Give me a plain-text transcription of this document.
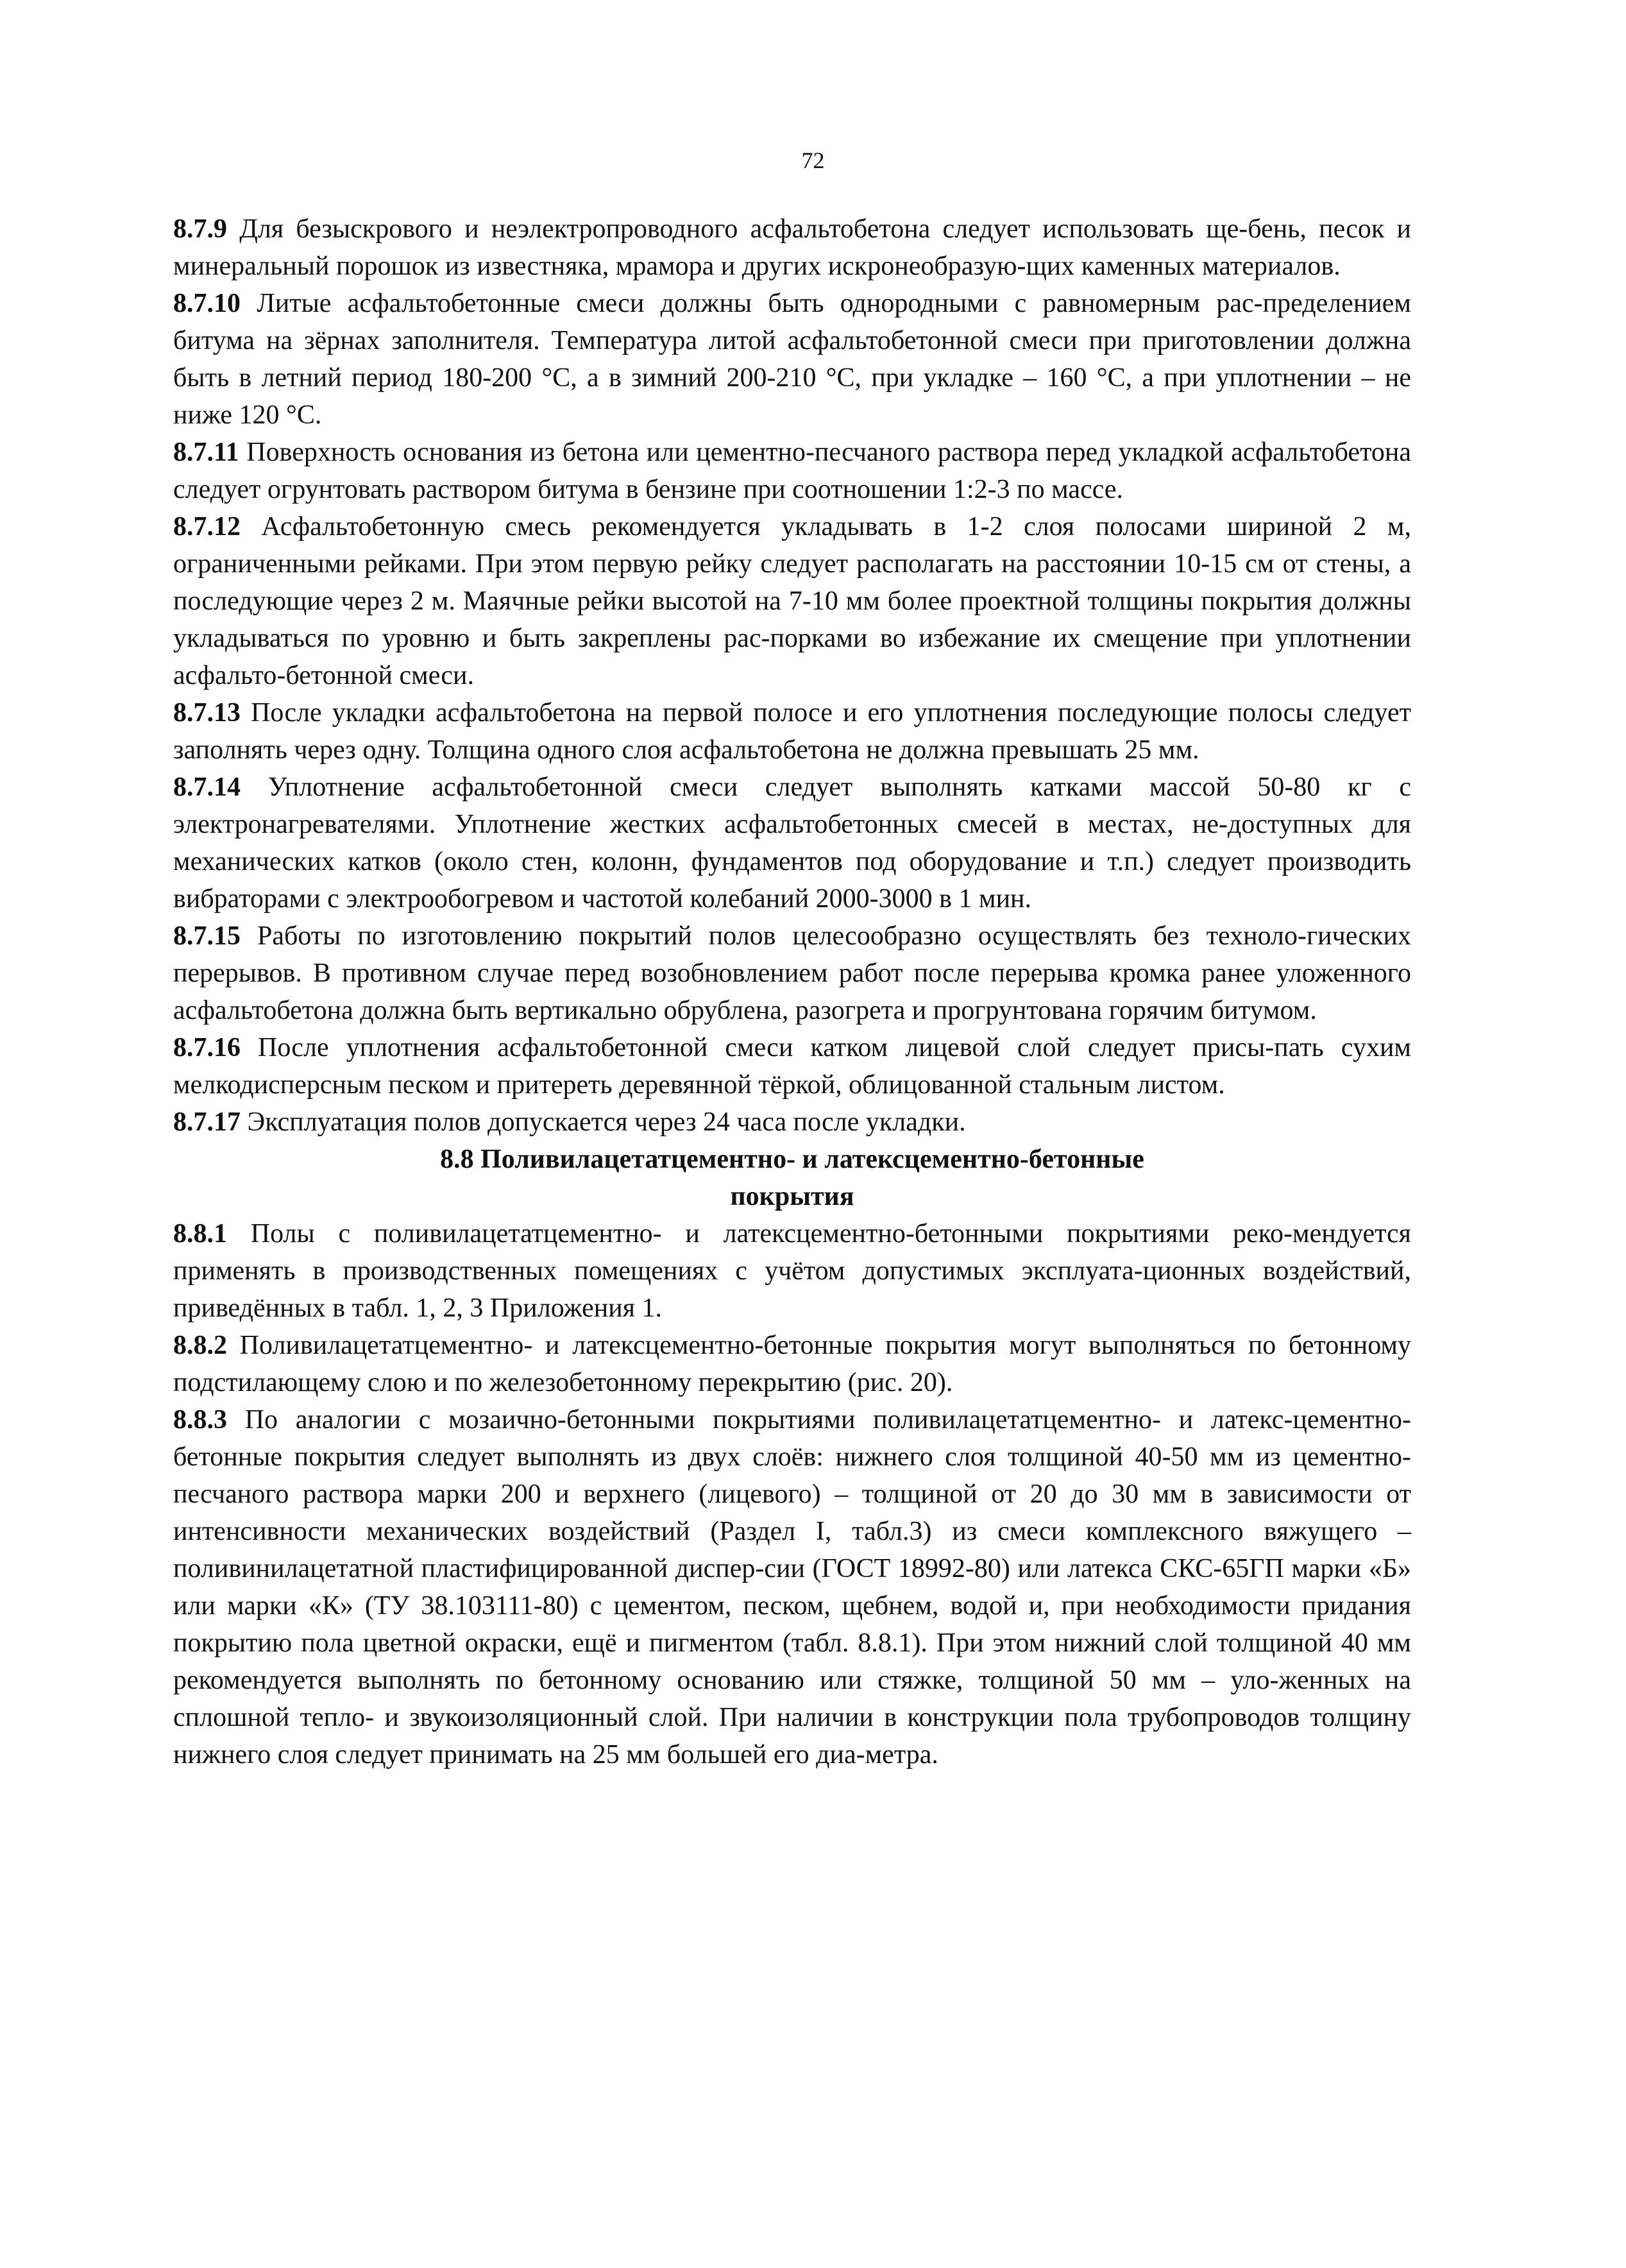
72

8.7.9 Для безыскрового и неэлектропроводного асфальтобетона следует использовать ще-бень, песок и минеральный порошок из известняка, мрамора и других искронеобразую-щих каменных материалов.

8.7.10 Литые асфальтобетонные смеси должны быть однородными с равномерным рас-пределением битума на зёрнах заполнителя. Температура литой асфальтобетонной смеси при приготовлении должна быть в летний период 180-200 °С, а в зимний 200-210 °С, при укладке – 160 °С, а при уплотнении – не ниже 120 °С.

8.7.11 Поверхность основания из бетона или цементно-песчаного раствора перед укладкой асфальтобетона следует огрунтовать раствором битума в бензине при соотношении 1:2-3 по массе.

8.7.12 Асфальтобетонную смесь рекомендуется укладывать в 1-2 слоя полосами шириной 2 м, ограниченными рейками. При этом первую рейку следует располагать на расстоянии 10-15 см от стены, а последующие через 2 м. Маячные рейки высотой на 7-10 мм более проектной толщины покрытия должны укладываться по уровню и быть закреплены рас-порками во избежание их смещение при уплотнении асфальто-бетонной смеси.

8.7.13 После укладки асфальтобетона на первой полосе и его уплотнения последующие полосы следует заполнять через одну. Толщина одного слоя асфальтобетона не должна превышать 25 мм.

8.7.14 Уплотнение асфальтобетонной смеси следует выполнять катками массой 50-80 кг с электронагревателями. Уплотнение жестких асфальтобетонных смесей в местах, не-доступных для механических катков (около стен, колонн, фундаментов под оборудование и т.п.) следует производить вибраторами с электрообогревом и частотой колебаний 2000-3000 в 1 мин.

8.7.15 Работы по изготовлению покрытий полов целесообразно осуществлять без техноло-гических перерывов. В противном случае перед возобновлением работ после перерыва кромка ранее уложенного асфальтобетона должна быть вертикально обрублена, разогрета и прогрунтована горячим битумом.

8.7.16 После уплотнения асфальтобетонной смеси катком лицевой слой следует присы-пать сухим мелкодисперсным песком и притереть деревянной тёркой, облицованной стальным листом.

8.7.17 Эксплуатация полов допускается через 24 часа после укладки.

8.8 Поливилацетатцементно- и латексцементно-бетонные

покрытия

8.8.1 Полы с поливилацетатцементно- и латексцементно-бетонными покрытиями реко-мендуется применять в производственных помещениях с учётом допустимых эксплуата-ционных воздействий, приведённых в табл. 1, 2, 3 Приложения 1.

8.8.2 Поливилацетатцементно- и латексцементно-бетонные покрытия могут выполняться по бетонному подстилающему слою и по железобетонному перекрытию (рис. 20).

8.8.3 По аналогии с мозаично-бетонными покрытиями поливилацетатцементно- и латекс-цементно-бетонные покрытия следует выполнять из двух слоёв: нижнего слоя толщиной 40-50 мм из цементно-песчаного раствора марки 200 и верхнего (лицевого) – толщиной от 20 до 30 мм в зависимости от интенсивности механических воздействий (Раздел I, табл.3) из смеси комплексного вяжущего – поливинилацетатной пластифицированной диспер-сии (ГОСТ 18992-80) или латекса СКС-65ГП марки «Б» или марки «К» (ТУ 38.103111-80) с цементом, песком, щебнем, водой и, при необходимости придания покрытию пола цветной окраски, ещё и пигментом (табл. 8.8.1). При этом нижний слой толщиной 40 мм рекомендуется выполнять по бетонному основанию или стяжке, толщиной 50 мм – уло-женных на сплошной тепло- и звукоизоляционный слой. При наличии в конструкции пола трубопроводов толщину нижнего слоя следует принимать на 25 мм большей его диа-метра.
